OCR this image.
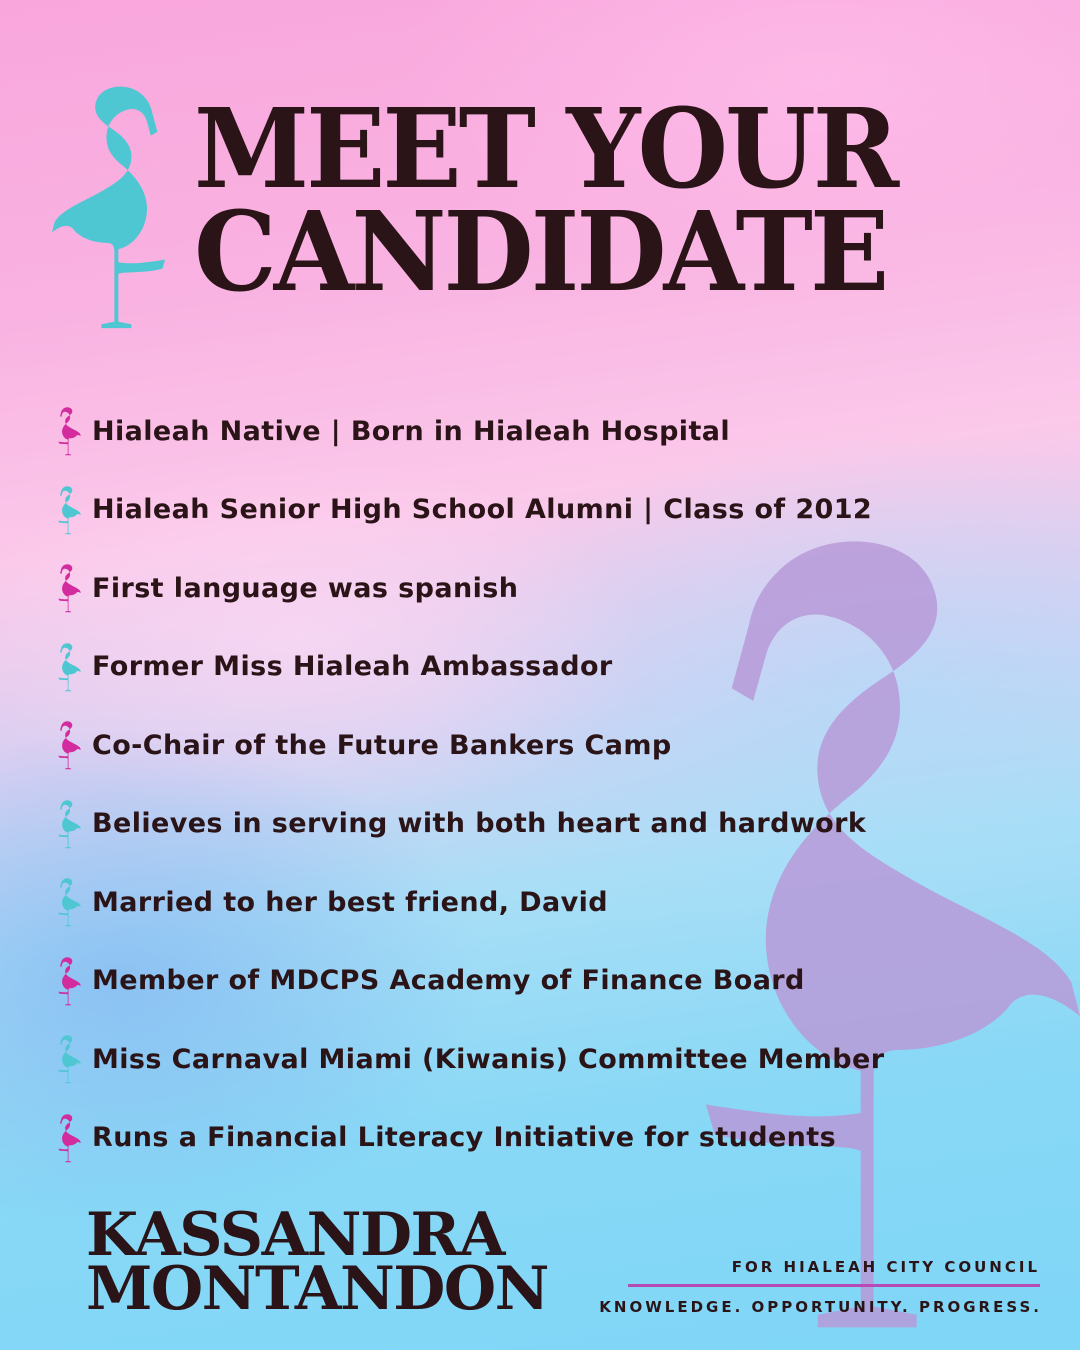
MEET YOUR
CANDIDATE
Hialeah Native | Born in Hialeah Hospital
Hialeah Senior High School Alumni | Class of 2012
First language was spanish
Former Miss Hialeah Ambassador
Co-Chair of the Future Bankers Camp
Believes in serving with both heart and hardwork
Married to her best friend, David
Member of MDCPS Academy of Finance Board
Miss Carnaval Miami (Kiwanis) Committee Member
Runs a Financial Literacy Initiative for students
KASSANDRA
MONTANDON	FOR HIALEAH CITY COUNCIL
KNOWLEDGE. OPPORTUNITY. PROGRESS.
